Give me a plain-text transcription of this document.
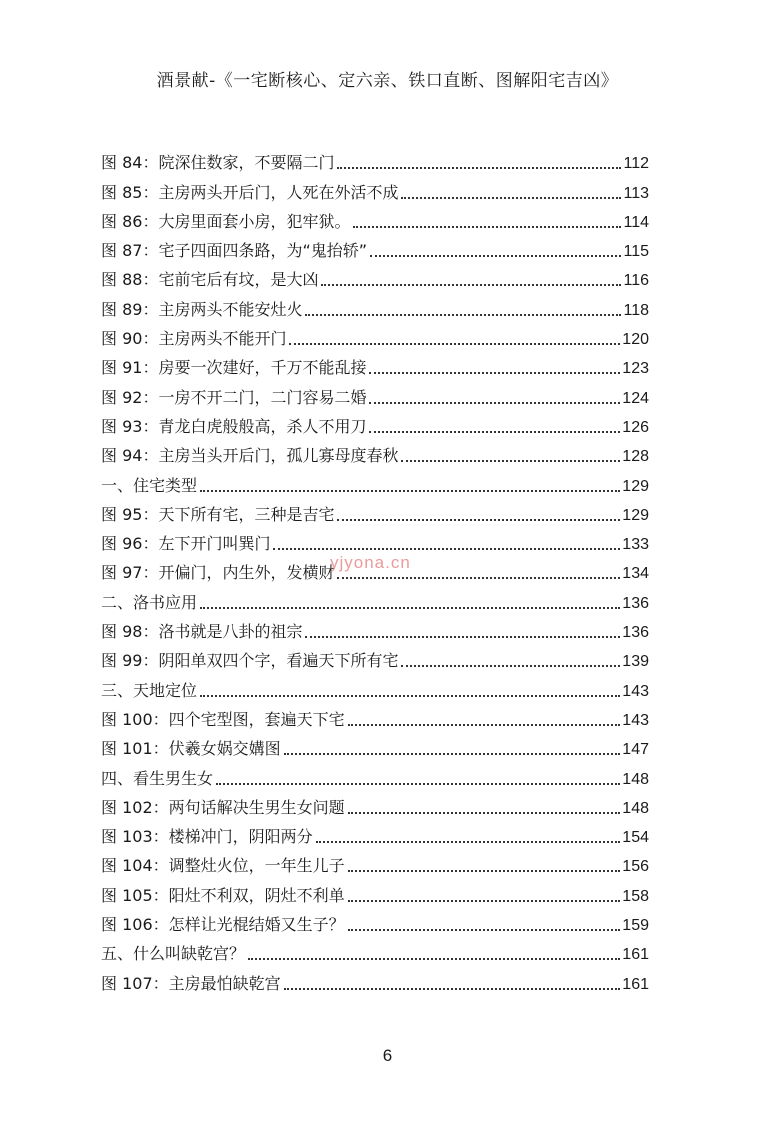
酒景献-《一宅断核心、定六亲、铁口直断、图解阳宅吉凶》
图 84：院深住数家，不要隔二门	112
图 85：主房两头开后门，人死在外活不成	113
图 86：大房里面套小房，犯牢狱。	114
图 87：宅子四面四条路，为“鬼抬轿”	115
图 88：宅前宅后有坟，是大凶	116
图 89：主房两头不能安灶火	118
图 90：主房两头不能开门	120
图 91：房要一次建好，千万不能乱接	123
图 92：一房不开二门，二门容易二婚	124
图 93：青龙白虎般般高，杀人不用刀	126
图 94：主房当头开后门，孤儿寡母度春秋	128
一、住宅类型	129
图 95：天下所有宅，三种是吉宅	129
图 96：左下开门叫巽门	133
图 97：开偏门，内生外，发横财	134
二、洛书应用	136
图 98：洛书就是八卦的祖宗	136
图 99：阴阳单双四个字，看遍天下所有宅	139
三、天地定位	143
图 100：四个宅型图，套遍天下宅	143
图 101：伏羲女娲交媾图	147
四、看生男生女	148
图 102：两句话解决生男生女问题	148
图 103：楼梯冲门，阴阳两分	154
图 104：调整灶火位，一年生儿子	156
图 105：阳灶不利双，阴灶不利单	158
图 106：怎样让光棍结婚又生子？	159
五、什么叫缺乾宫？	161
图 107：主房最怕缺乾宫	161
yjyona.cn
6
